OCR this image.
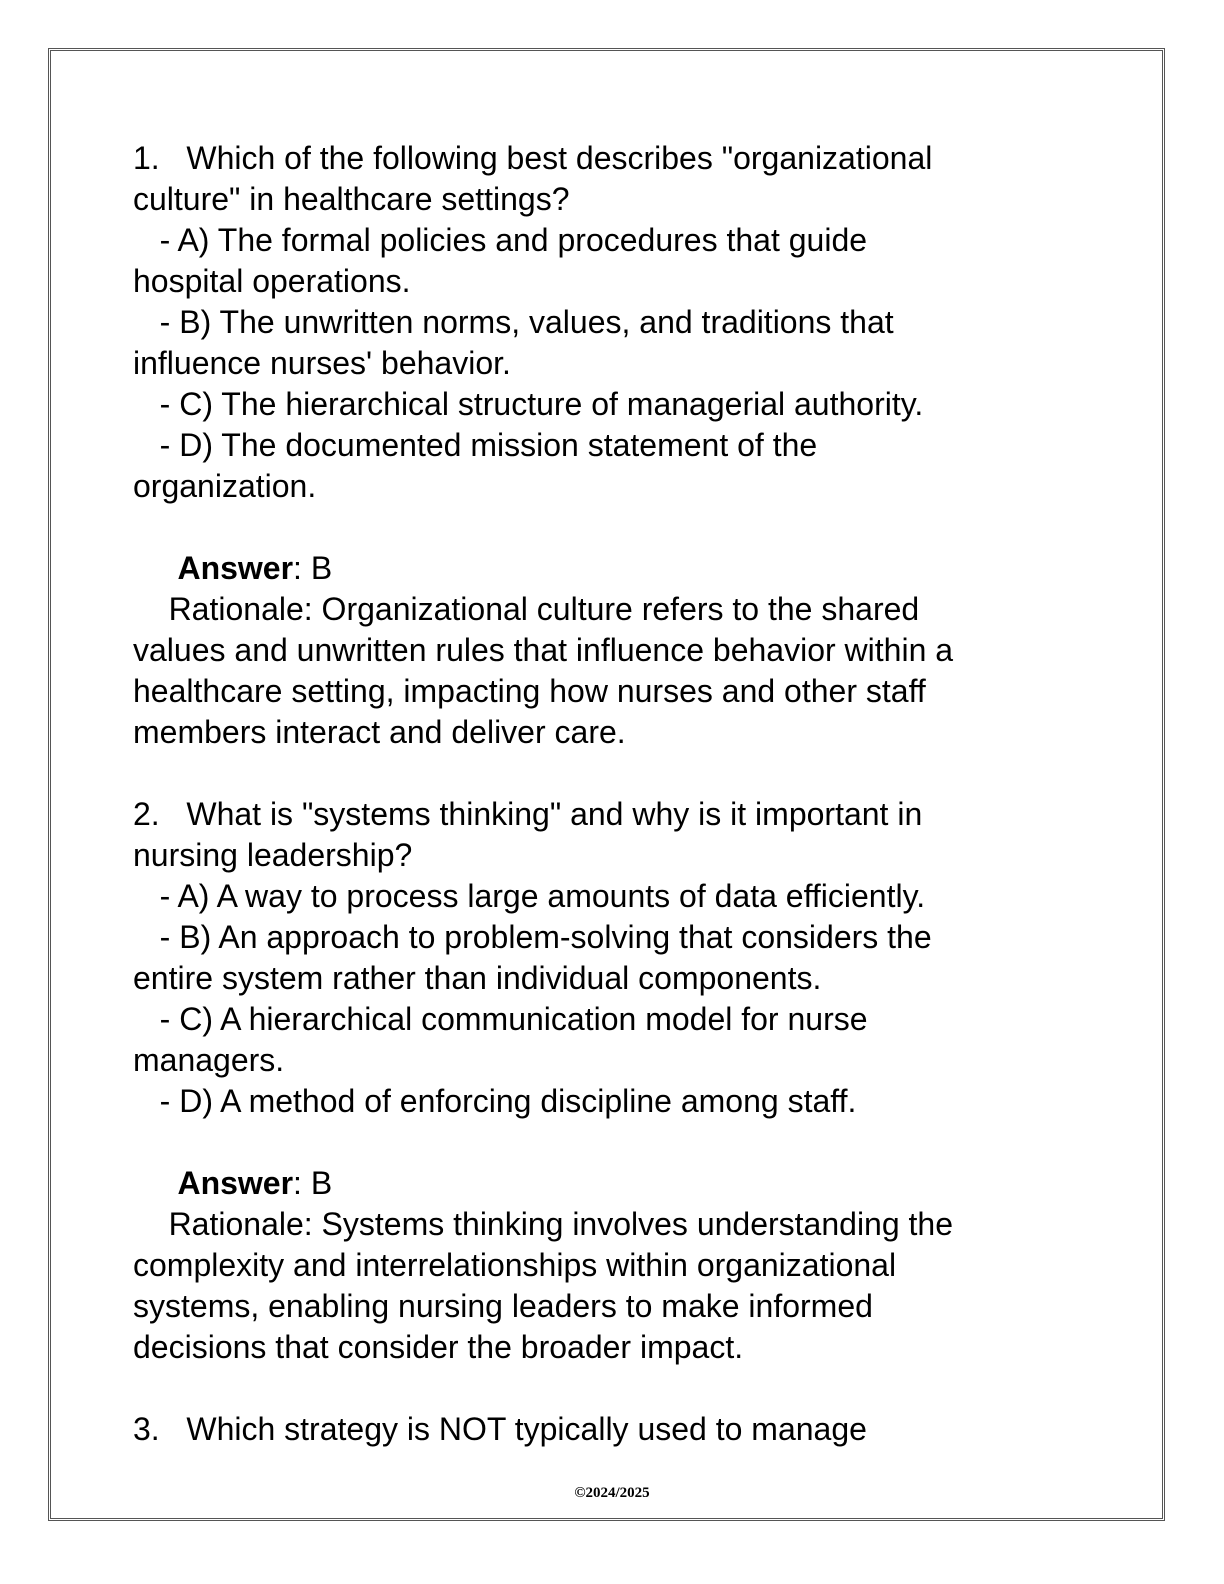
1.   Which of the following best describes "organizational
culture" in healthcare settings?
- A) The formal policies and procedures that guide
hospital operations.
- B) The unwritten norms, values, and traditions that
influence nurses' behavior.
- C) The hierarchical structure of managerial authority.
- D) The documented mission statement of the
organization.
Answer: B
Rationale: Organizational culture refers to the shared
values and unwritten rules that influence behavior within a
healthcare setting, impacting how nurses and other staff
members interact and deliver care.
2.   What is "systems thinking" and why is it important in
nursing leadership?
- A) A way to process large amounts of data efficiently.
- B) An approach to problem-solving that considers the
entire system rather than individual components.
- C) A hierarchical communication model for nurse
managers.
- D) A method of enforcing discipline among staff.
Answer: B
Rationale: Systems thinking involves understanding the
complexity and interrelationships within organizational
systems, enabling nursing leaders to make informed
decisions that consider the broader impact.
3.   Which strategy is NOT typically used to manage
©2024/2025
